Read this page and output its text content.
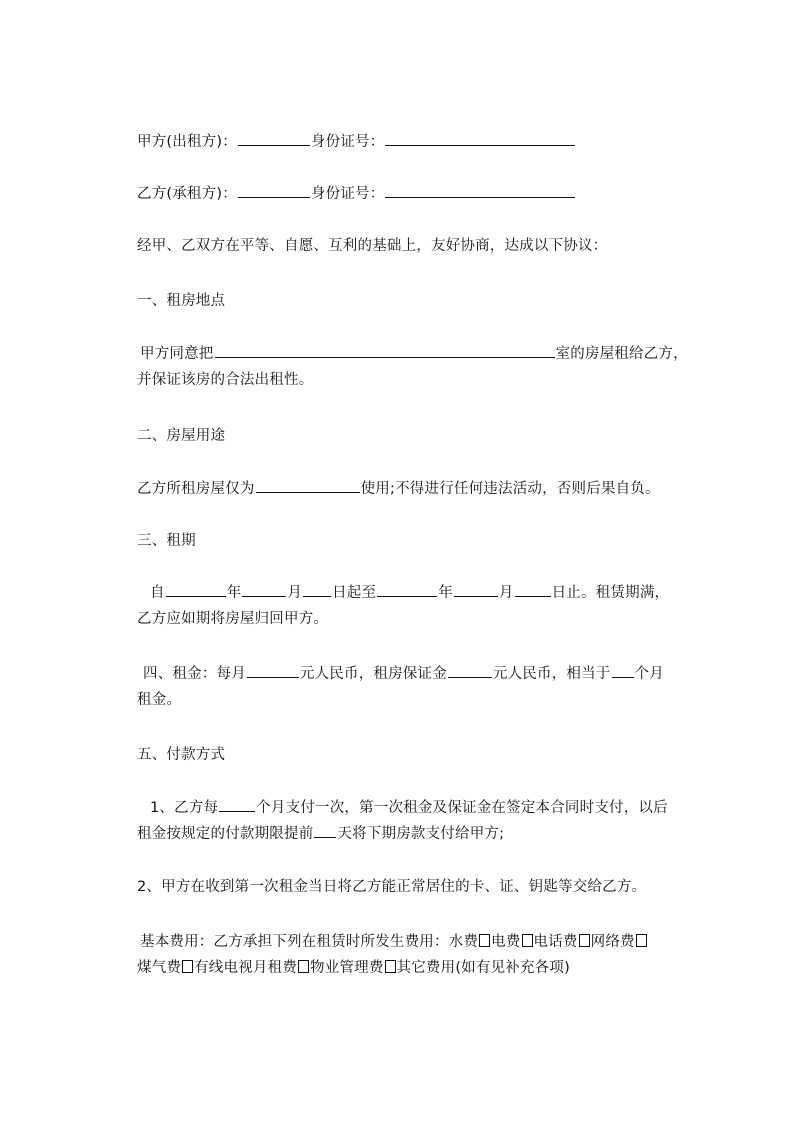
甲方(出租方)：	身份证号：
乙方(承租方)：	身份证号：
经甲、乙双方在平等、自愿、互利的基础上，友好协商，达成以下协议：
一、租房地点
甲方同意把	室的房屋租给乙方，
并保证该房的合法出租性。
二、房屋用途
乙方所租房屋仅为	使用;不得进行任何违法活动，否则后果自负。
三、租期
自	年	月 日起至	年	月	日止。租赁期满，
乙方应如期将房屋归回甲方。
四、租金：每月	元人民币，租房保证金	元人民币，相当于 个月
租金。
五、付款方式
1、乙方每	个月支付一次，第一次租金及保证金在签定本合同时支付，以后
租金按规定的付款期限提前 天将下期房款支付给甲方;
2、甲方在收到第一次租金当日将乙方能正常居住的卡、证、钥匙等交给乙方。
基本费用：乙方承担下列在租赁时所发生费用：水费 电费 电话费 网络费
煤气费 有线电视月租费 物业管理费 其它费用(如有见补充各项)
